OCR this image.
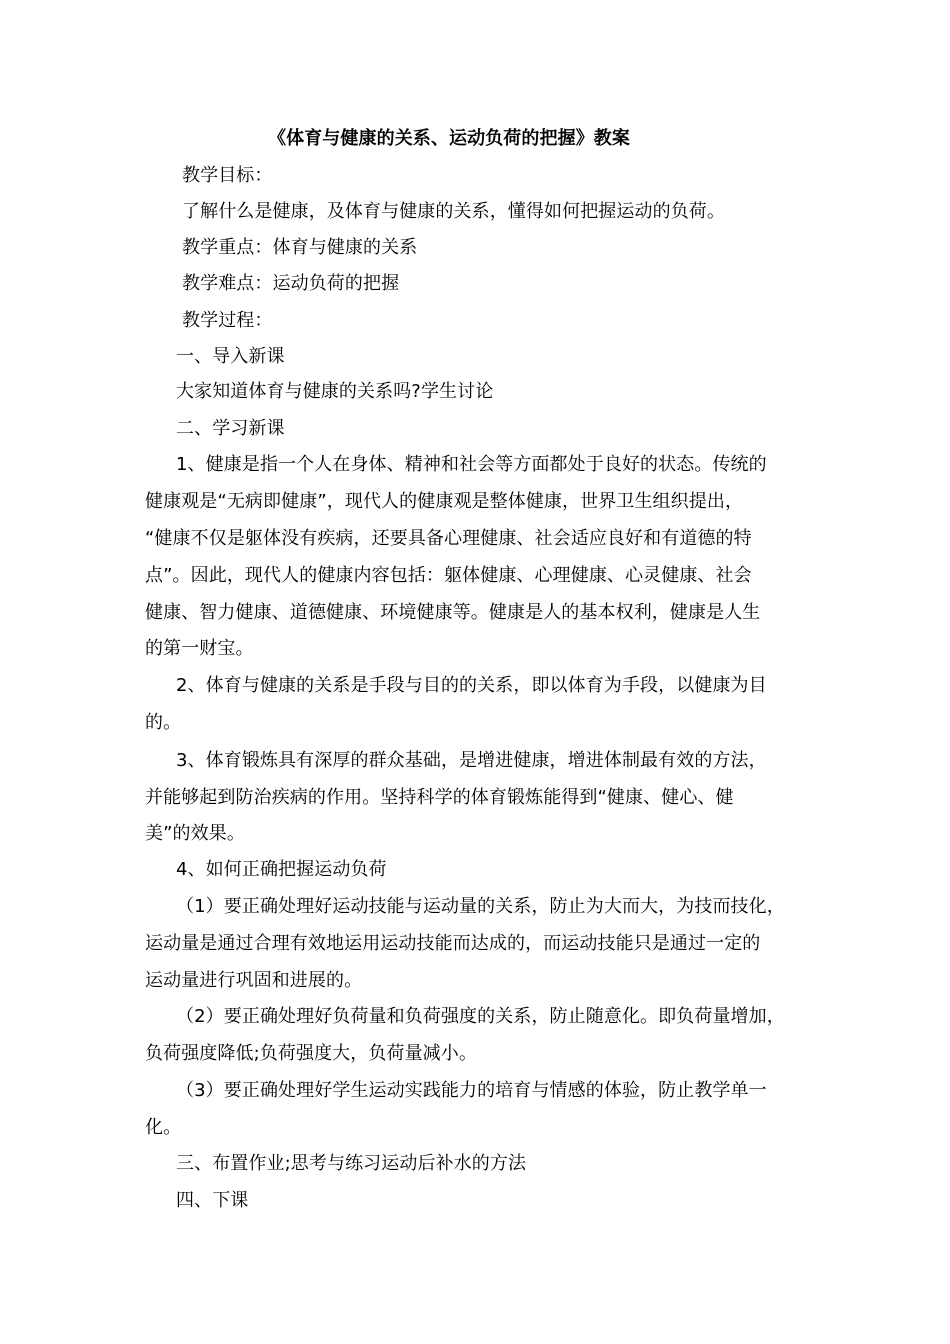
《体育与健康的关系、运动负荷的把握》教案
教学目标：
了解什么是健康，及体育与健康的关系，懂得如何把握运动的负荷。
教学重点：体育与健康的关系
教学难点：运动负荷的把握
教学过程：
一、导入新课
大家知道体育与健康的关系吗?学生讨论
二、学习新课
1、健康是指一个人在身体、精神和社会等方面都处于良好的状态。传统的
健康观是“无病即健康”，现代人的健康观是整体健康，世界卫生组织提出，
“健康不仅是躯体没有疾病，还要具备心理健康、社会适应良好和有道德的特
点”。因此，现代人的健康内容包括：躯体健康、心理健康、心灵健康、社会
健康、智力健康、道德健康、环境健康等。健康是人的基本权利，健康是人生
的第一财宝。
2、体育与健康的关系是手段与目的的关系，即以体育为手段，以健康为目
的。
3、体育锻炼具有深厚的群众基础，是增进健康，增进体制最有效的方法，
并能够起到防治疾病的作用。坚持科学的体育锻炼能得到“健康、健心、健
美”的效果。
4、如何正确把握运动负荷
（1）要正确处理好运动技能与运动量的关系，防止为大而大，为技而技化，
运动量是通过合理有效地运用运动技能而达成的，而运动技能只是通过一定的
运动量进行巩固和进展的。
（2）要正确处理好负荷量和负荷强度的关系，防止随意化。即负荷量增加，
负荷强度降低;负荷强度大，负荷量减小。
（3）要正确处理好学生运动实践能力的培育与情感的体验，防止教学单一
化。
三、布置作业;思考与练习运动后补水的方法
四、下课
